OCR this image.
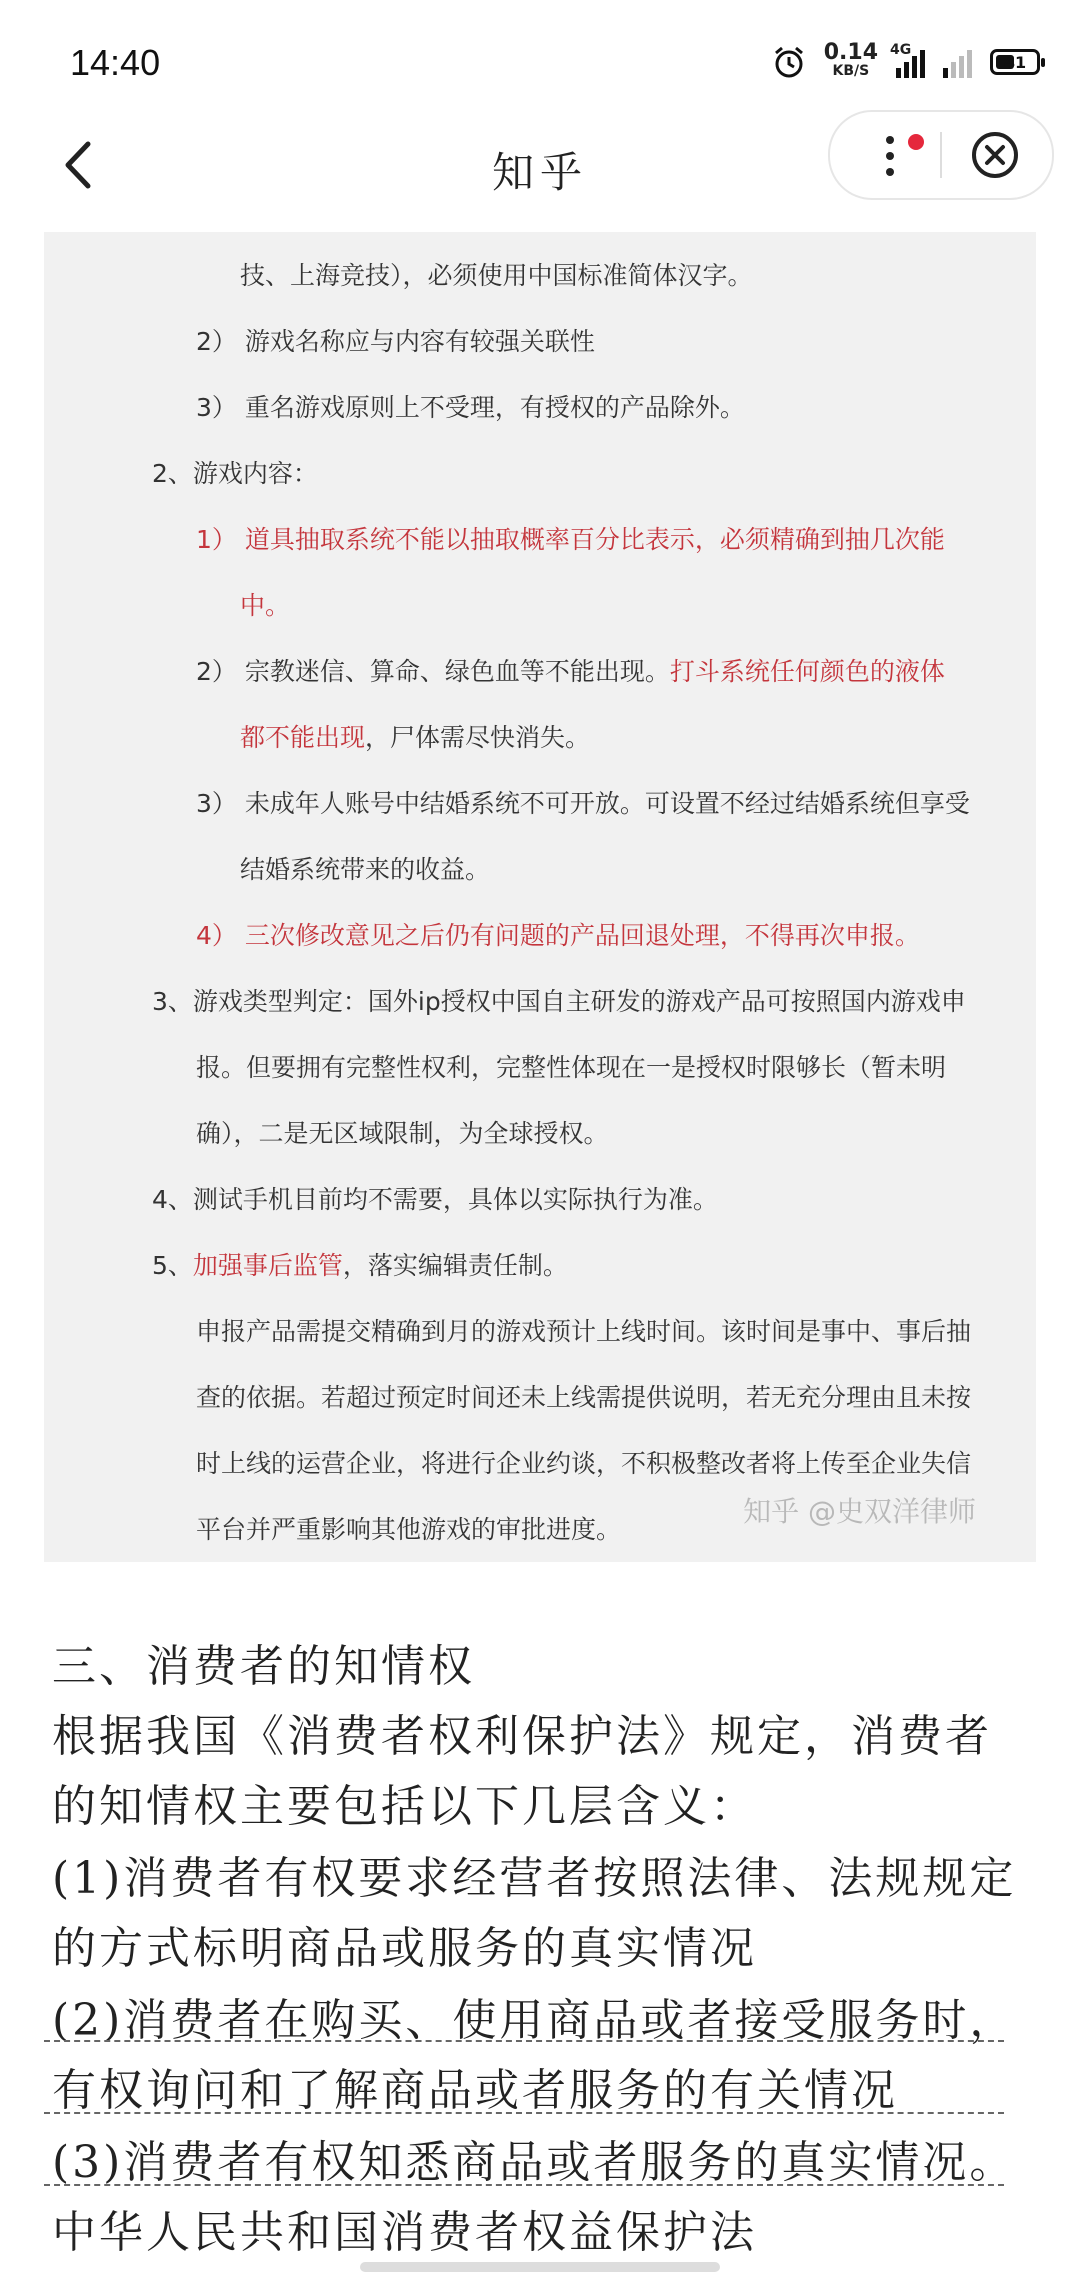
14:40	0.14
KB/S
4G
41
知乎
技、上海竞技），必须使用中国标准简体汉字。
2） 游戏名称应与内容有较强关联性
3） 重名游戏原则上不受理，有授权的产品除外。
2、游戏内容：
1） 道具抽取系统不能以抽取概率百分比表示，必须精确到抽几次能
中。
2） 宗教迷信、算命、绿色血等不能出现。打斗系统任何颜色的液体
都不能出现，尸体需尽快消失。
3） 未成年人账号中结婚系统不可开放。可设置不经过结婚系统但享受
结婚系统带来的收益。
4） 三次修改意见之后仍有问题的产品回退处理，不得再次申报。
3、游戏类型判定：国外ip授权中国自主研发的游戏产品可按照国内游戏申
报。但要拥有完整性权利，完整性体现在一是授权时限够长（暂未明
确），二是无区域限制，为全球授权。
4、测试手机目前均不需要，具体以实际执行为准。
5、加强事后监管，落实编辑责任制。
申报产品需提交精确到月的游戏预计上线时间。该时间是事中、事后抽
查的依据。若超过预定时间还未上线需提供说明，若无充分理由且未按
时上线的运营企业，将进行企业约谈，不积极整改者将上传至企业失信
平台并严重影响其他游戏的审批进度。
知乎 @史双洋律师
三、消费者的知情权
根据我国《消费者权利保护法》规定，消费者
的知情权主要包括以下几层含义：
(1)消费者有权要求经营者按照法律、法规规定
的方式标明商品或服务的真实情况
(2)消费者在购买、使用商品或者接受服务时，
有权询问和了解商品或者服务的有关情况
(3)消费者有权知悉商品或者服务的真实情况。
中华人民共和国消费者权益保护法
